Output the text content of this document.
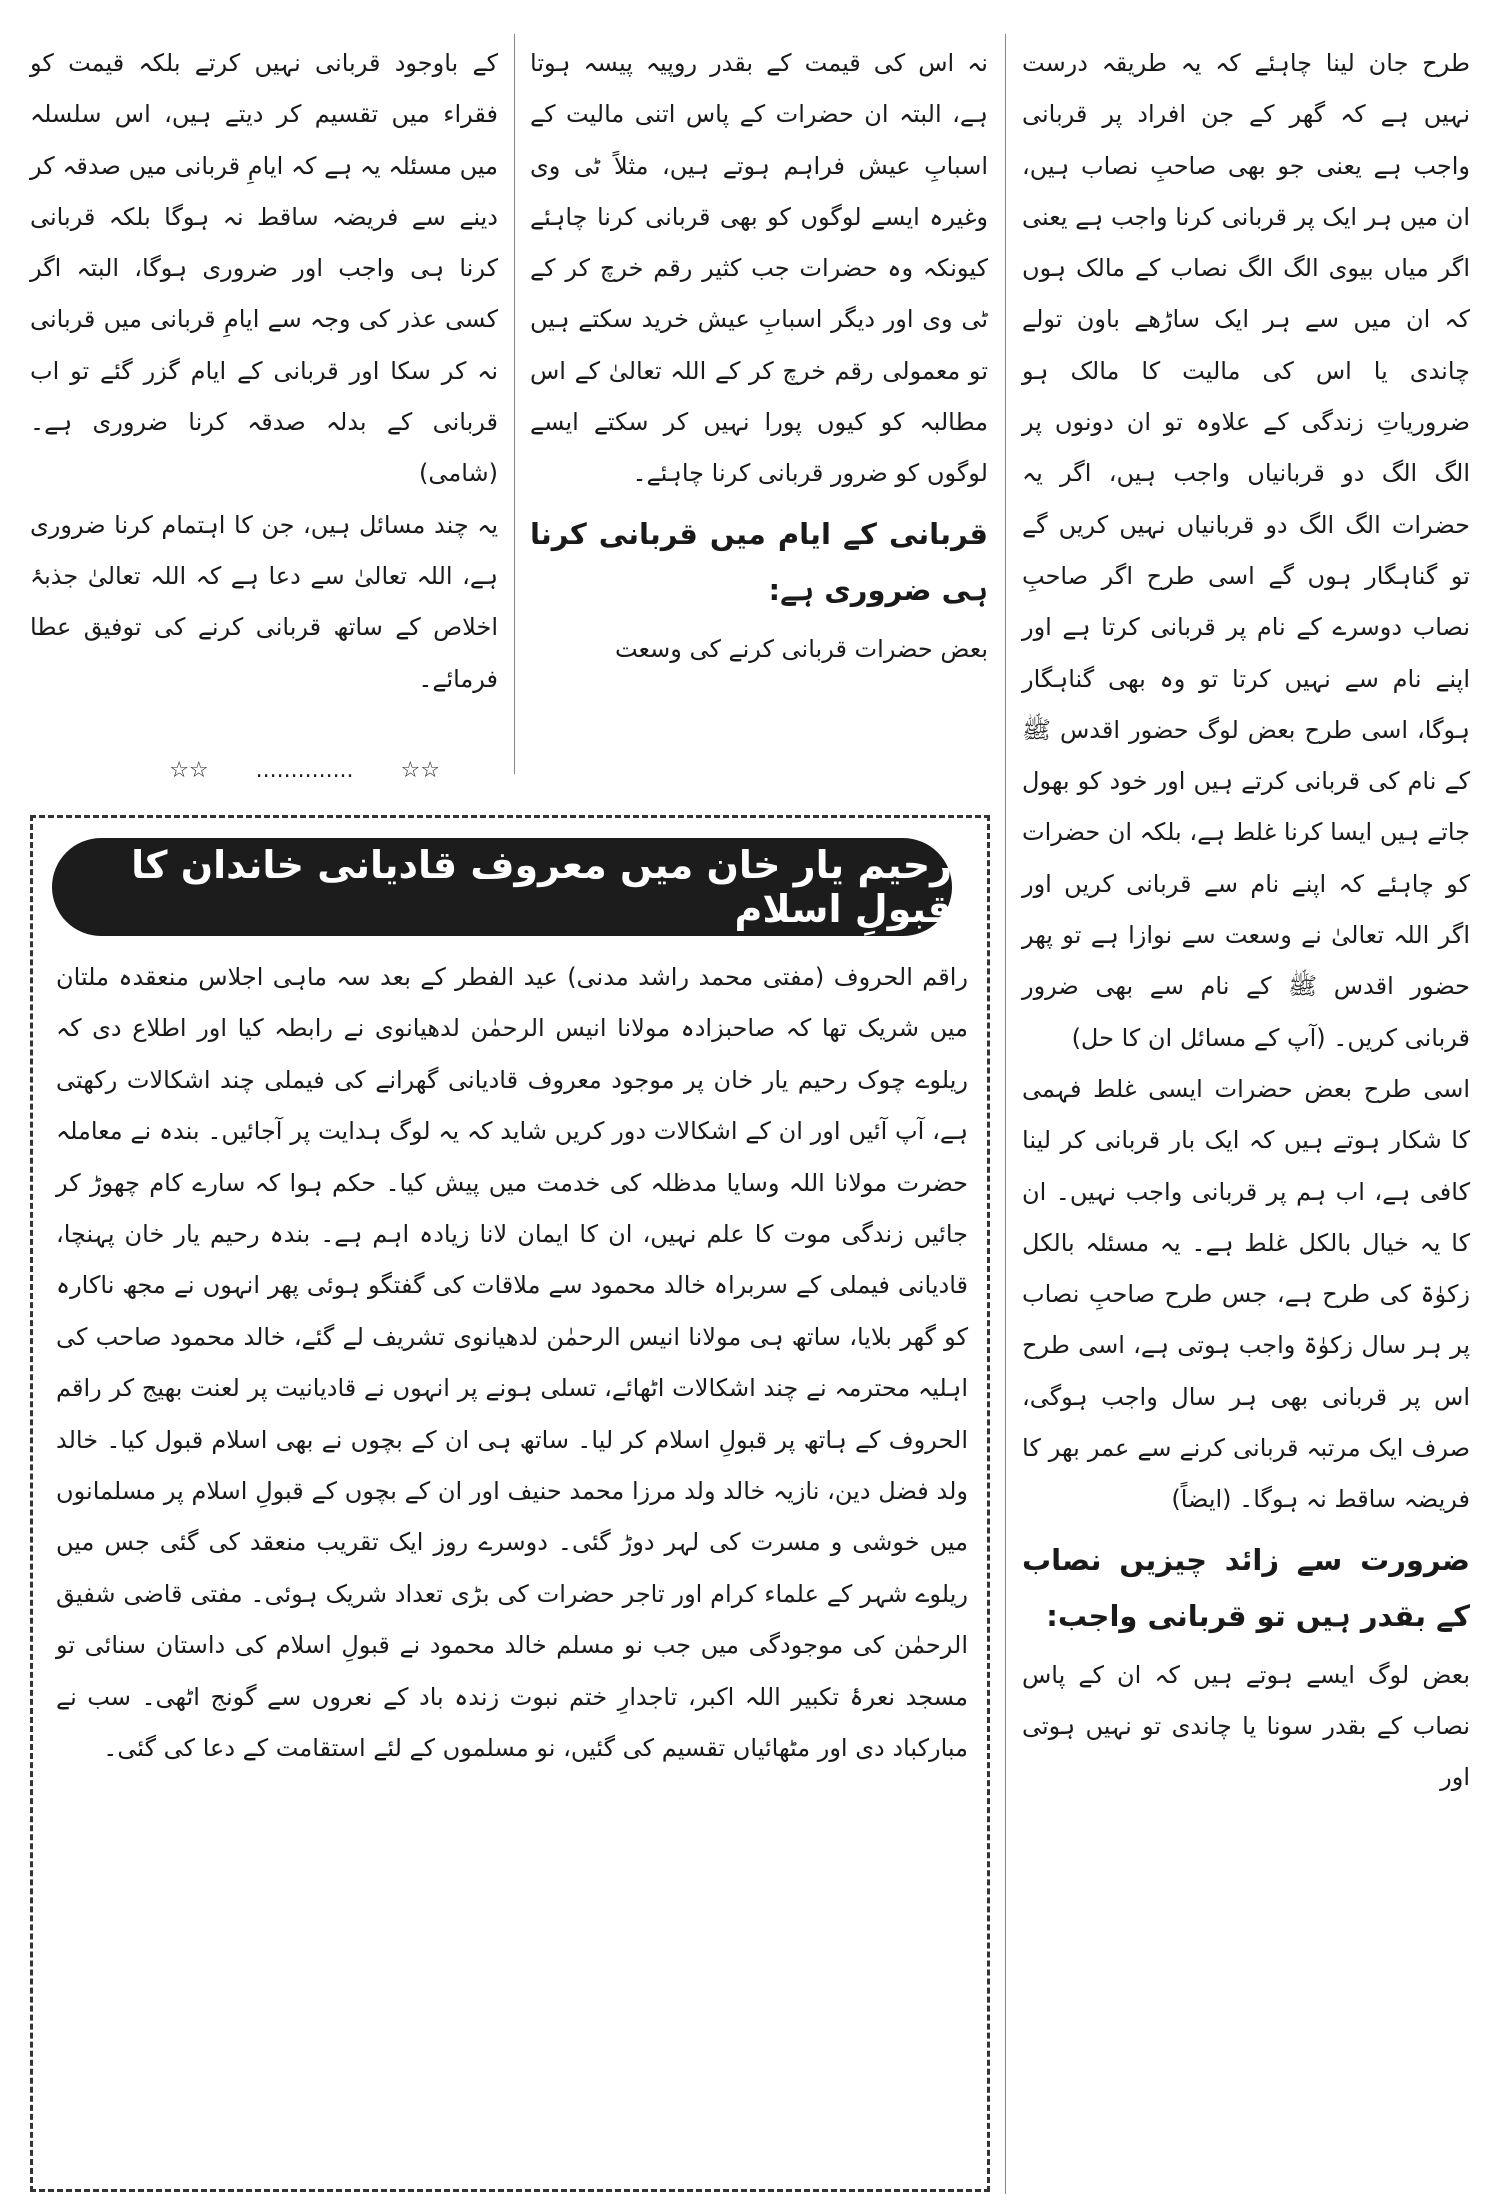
طرح جان لینا چاہئے کہ یہ طریقہ درست نہیں ہے کہ گھر کے جن افراد پر قربانی واجب ہے یعنی جو بھی صاحبِ نصاب ہیں، ان میں ہر ایک پر قربانی کرنا واجب ہے یعنی اگر میاں بیوی الگ الگ نصاب کے مالک ہوں کہ ان میں سے ہر ایک ساڑھے باون تولے چاندی یا اس کی مالیت کا مالک ہو ضروریاتِ زندگی کے علاوہ تو ان دونوں پر الگ الگ دو قربانیاں واجب ہیں، اگر یہ حضرات الگ الگ دو قربانیاں نہیں کریں گے تو گناہگار ہوں گے اسی طرح اگر صاحبِ نصاب دوسرے کے نام پر قربانی کرتا ہے اور اپنے نام سے نہیں کرتا تو وہ بھی گناہگار ہوگا، اسی طرح بعض لوگ حضور اقدس ﷺ کے نام کی قربانی کرتے ہیں اور خود کو بھول جاتے ہیں ایسا کرنا غلط ہے، بلکہ ان حضرات کو چاہئے کہ اپنے نام سے قربانی کریں اور اگر اللہ تعالیٰ نے وسعت سے نوازا ہے تو پھر حضور اقدس ﷺ کے نام سے بھی ضرور قربانی کریں۔ (آپ کے مسائل ان کا حل)

اسی طرح بعض حضرات ایسی غلط فہمی کا شکار ہوتے ہیں کہ ایک بار قربانی کر لینا کافی ہے، اب ہم پر قربانی واجب نہیں۔ ان کا یہ خیال بالکل غلط ہے۔ یہ مسئلہ بالکل زکوٰۃ کی طرح ہے، جس طرح صاحبِ نصاب پر ہر سال زکوٰۃ واجب ہوتی ہے، اسی طرح اس پر قربانی بھی ہر سال واجب ہوگی، صرف ایک مرتبہ قربانی کرنے سے عمر بھر کا فریضہ ساقط نہ ہوگا۔ (ایضاً)

ضرورت سے زائد چیزیں نصاب کے بقدر ہیں تو قربانی واجب:

بعض لوگ ایسے ہوتے ہیں کہ ان کے پاس نصاب کے بقدر سونا یا چاندی تو نہیں ہوتی اور

نہ اس کی قیمت کے بقدر روپیہ پیسہ ہوتا ہے، البتہ ان حضرات کے پاس اتنی مالیت کے اسبابِ عیش فراہم ہوتے ہیں، مثلاً ٹی وی وغیرہ ایسے لوگوں کو بھی قربانی کرنا چاہئے کیونکہ وہ حضرات جب کثیر رقم خرچ کر کے ٹی وی اور دیگر اسبابِ عیش خرید سکتے ہیں تو معمولی رقم خرچ کر کے اللہ تعالیٰ کے اس مطالبہ کو کیوں پورا نہیں کر سکتے ایسے لوگوں کو ضرور قربانی کرنا چاہئے۔

قربانی کے ایام میں قربانی کرنا ہی ضروری ہے:

بعض حضرات قربانی کرنے کی وسعت

کے باوجود قربانی نہیں کرتے بلکہ قیمت کو فقراء میں تقسیم کر دیتے ہیں، اس سلسلہ میں مسئلہ یہ ہے کہ ایامِ قربانی میں صدقہ کر دینے سے فریضہ ساقط نہ ہوگا بلکہ قربانی کرنا ہی واجب اور ضروری ہوگا، البتہ اگر کسی عذر کی وجہ سے ایامِ قربانی میں قربانی نہ کر سکا اور قربانی کے ایام گزر گئے تو اب قربانی کے بدلہ صدقہ کرنا ضروری ہے۔ (شامی)

یہ چند مسائل ہیں، جن کا اہتمام کرنا ضروری ہے، اللہ تعالیٰ سے دعا ہے کہ اللہ تعالیٰ جذبۂ اخلاص کے ساتھ قربانی کرنے کی توفیق عطا فرمائے۔

☆☆ .............. ☆☆
رحیم یار خان میں معروف قادیانی خاندان کا قبولِ اسلام

راقم الحروف (مفتی محمد راشد مدنی) عید الفطر کے بعد سہ ماہی اجلاس منعقدہ ملتان میں شریک تھا کہ صاحبزادہ مولانا انیس الرحمٰن لدھیانوی نے رابطہ کیا اور اطلاع دی کہ ریلوے چوک رحیم یار خان پر موجود معروف قادیانی گھرانے کی فیملی چند اشکالات رکھتی ہے، آپ آئیں اور ان کے اشکالات دور کریں شاید کہ یہ لوگ ہدایت پر آجائیں۔ بندہ نے معاملہ حضرت مولانا اللہ وسایا مدظلہ کی خدمت میں پیش کیا۔ حکم ہوا کہ سارے کام چھوڑ کر جائیں زندگی موت کا علم نہیں، ان کا ایمان لانا زیادہ اہم ہے۔ بندہ رحیم یار خان پہنچا، قادیانی فیملی کے سربراہ خالد محمود سے ملاقات کی گفتگو ہوئی پھر انہوں نے مجھ ناکارہ کو گھر بلایا، ساتھ ہی مولانا انیس الرحمٰن لدھیانوی تشریف لے گئے، خالد محمود صاحب کی اہلیہ محترمہ نے چند اشکالات اٹھائے، تسلی ہونے پر انہوں نے قادیانیت پر لعنت بھیج کر راقم الحروف کے ہاتھ پر قبولِ اسلام کر لیا۔ ساتھ ہی ان کے بچوں نے بھی اسلام قبول کیا۔ خالد ولد فضل دین، نازیہ خالد ولد مرزا محمد حنیف اور ان کے بچوں کے قبولِ اسلام پر مسلمانوں میں خوشی و مسرت کی لہر دوڑ گئی۔ دوسرے روز ایک تقریب منعقد کی گئی جس میں ریلوے شہر کے علماء کرام اور تاجر حضرات کی بڑی تعداد شریک ہوئی۔ مفتی قاضی شفیق الرحمٰن کی موجودگی میں جب نو مسلم خالد محمود نے قبولِ اسلام کی داستان سنائی تو مسجد نعرۂ تکبیر اللہ اکبر، تاجدارِ ختم نبوت زندہ باد کے نعروں سے گونج اٹھی۔ سب نے مبارکباد دی اور مٹھائیاں تقسیم کی گئیں، نو مسلموں کے لئے استقامت کے دعا کی گئی۔
